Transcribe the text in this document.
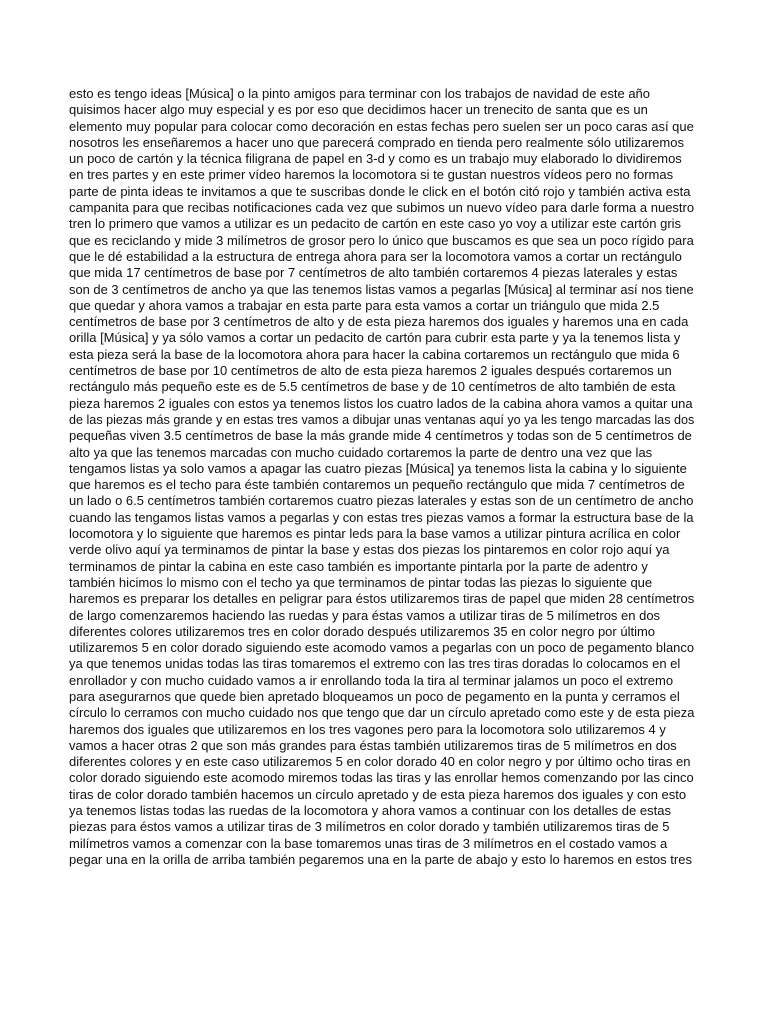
esto es tengo ideas [Música] o la pinto amigos para terminar con los trabajos de navidad de este año
quisimos hacer algo muy especial y es por eso que decidimos hacer un trenecito de santa que es un
elemento muy popular para colocar como decoración en estas fechas pero suelen ser un poco caras así que
nosotros les enseñaremos a hacer uno que parecerá comprado en tienda pero realmente sólo utilizaremos
un poco de cartón y la técnica filigrana de papel en 3-d y como es un trabajo muy elaborado lo dividiremos
en tres partes y en este primer vídeo haremos la locomotora si te gustan nuestros vídeos pero no formas
parte de pinta ideas te invitamos a que te suscribas donde le click en el botón citó rojo y también activa esta
campanita para que recibas notificaciones cada vez que subimos un nuevo vídeo para darle forma a nuestro
tren lo primero que vamos a utilizar es un pedacito de cartón en este caso yo voy a utilizar este cartón gris
que es reciclando y mide 3 milímetros de grosor pero lo único que buscamos es que sea un poco rígido para
que le dé estabilidad a la estructura de entrega ahora para ser la locomotora vamos a cortar un rectángulo
que mida 17 centímetros de base por 7 centímetros de alto también cortaremos 4 piezas laterales y estas
son de 3 centímetros de ancho ya que las tenemos listas vamos a pegarlas [Música] al terminar así nos tiene
que quedar y ahora vamos a trabajar en esta parte para esta vamos a cortar un triángulo que mida 2.5
centímetros de base por 3 centímetros de alto y de esta pieza haremos dos iguales y haremos una en cada
orilla [Música] y ya sólo vamos a cortar un pedacito de cartón para cubrir esta parte y ya la tenemos lista y
esta pieza será la base de la locomotora ahora para hacer la cabina cortaremos un rectángulo que mida 6
centímetros de base por 10 centímetros de alto de esta pieza haremos 2 iguales después cortaremos un
rectángulo más pequeño este es de 5.5 centímetros de base y de 10 centímetros de alto también de esta
pieza haremos 2 iguales con estos ya tenemos listos los cuatro lados de la cabina ahora vamos a quitar una
de las piezas más grande y en estas tres vamos a dibujar unas ventanas aquí yo ya les tengo marcadas las dos
pequeñas viven 3.5 centímetros de base la más grande mide 4 centímetros y todas son de 5 centímetros de
alto ya que las tenemos marcadas con mucho cuidado cortaremos la parte de dentro una vez que las
tengamos listas ya solo vamos a apagar las cuatro piezas [Música] ya tenemos lista la cabina y lo siguiente
que haremos es el techo para éste también contaremos un pequeño rectángulo que mida 7 centímetros de
un lado o 6.5 centímetros también cortaremos cuatro piezas laterales y estas son de un centímetro de ancho
cuando las tengamos listas vamos a pegarlas y con estas tres piezas vamos a formar la estructura base de la
locomotora y lo siguiente que haremos es pintar leds para la base vamos a utilizar pintura acrílica en color
verde olivo aquí ya terminamos de pintar la base y estas dos piezas los pintaremos en color rojo aquí ya
terminamos de pintar la cabina en este caso también es importante pintarla por la parte de adentro y
también hicimos lo mismo con el techo ya que terminamos de pintar todas las piezas lo siguiente que
haremos es preparar los detalles en peligrar para éstos utilizaremos tiras de papel que miden 28 centímetros
de largo comenzaremos haciendo las ruedas y para éstas vamos a utilizar tiras de 5 milímetros en dos
diferentes colores utilizaremos tres en color dorado después utilizaremos 35 en color negro por último
utilizaremos 5 en color dorado siguiendo este acomodo vamos a pegarlas con un poco de pegamento blanco
ya que tenemos unidas todas las tiras tomaremos el extremo con las tres tiras doradas lo colocamos en el
enrollador y con mucho cuidado vamos a ir enrollando toda la tira al terminar jalamos un poco el extremo
para asegurarnos que quede bien apretado bloqueamos un poco de pegamento en la punta y cerramos el
círculo lo cerramos con mucho cuidado nos que tengo que dar un círculo apretado como este y de esta pieza
haremos dos iguales que utilizaremos en los tres vagones pero para la locomotora solo utilizaremos 4 y
vamos a hacer otras 2 que son más grandes para éstas también utilizaremos tiras de 5 milímetros en dos
diferentes colores y en este caso utilizaremos 5 en color dorado 40 en color negro y por último ocho tiras en
color dorado siguiendo este acomodo miremos todas las tiras y las enrollar hemos comenzando por las cinco
tiras de color dorado también hacemos un círculo apretado y de esta pieza haremos dos iguales y con esto
ya tenemos listas todas las ruedas de la locomotora y ahora vamos a continuar con los detalles de estas
piezas para éstos vamos a utilizar tiras de 3 milímetros en color dorado y también utilizaremos tiras de 5
milímetros vamos a comenzar con la base tomaremos unas tiras de 3 milímetros en el costado vamos a
pegar una en la orilla de arriba también pegaremos una en la parte de abajo y esto lo haremos en estos tres
